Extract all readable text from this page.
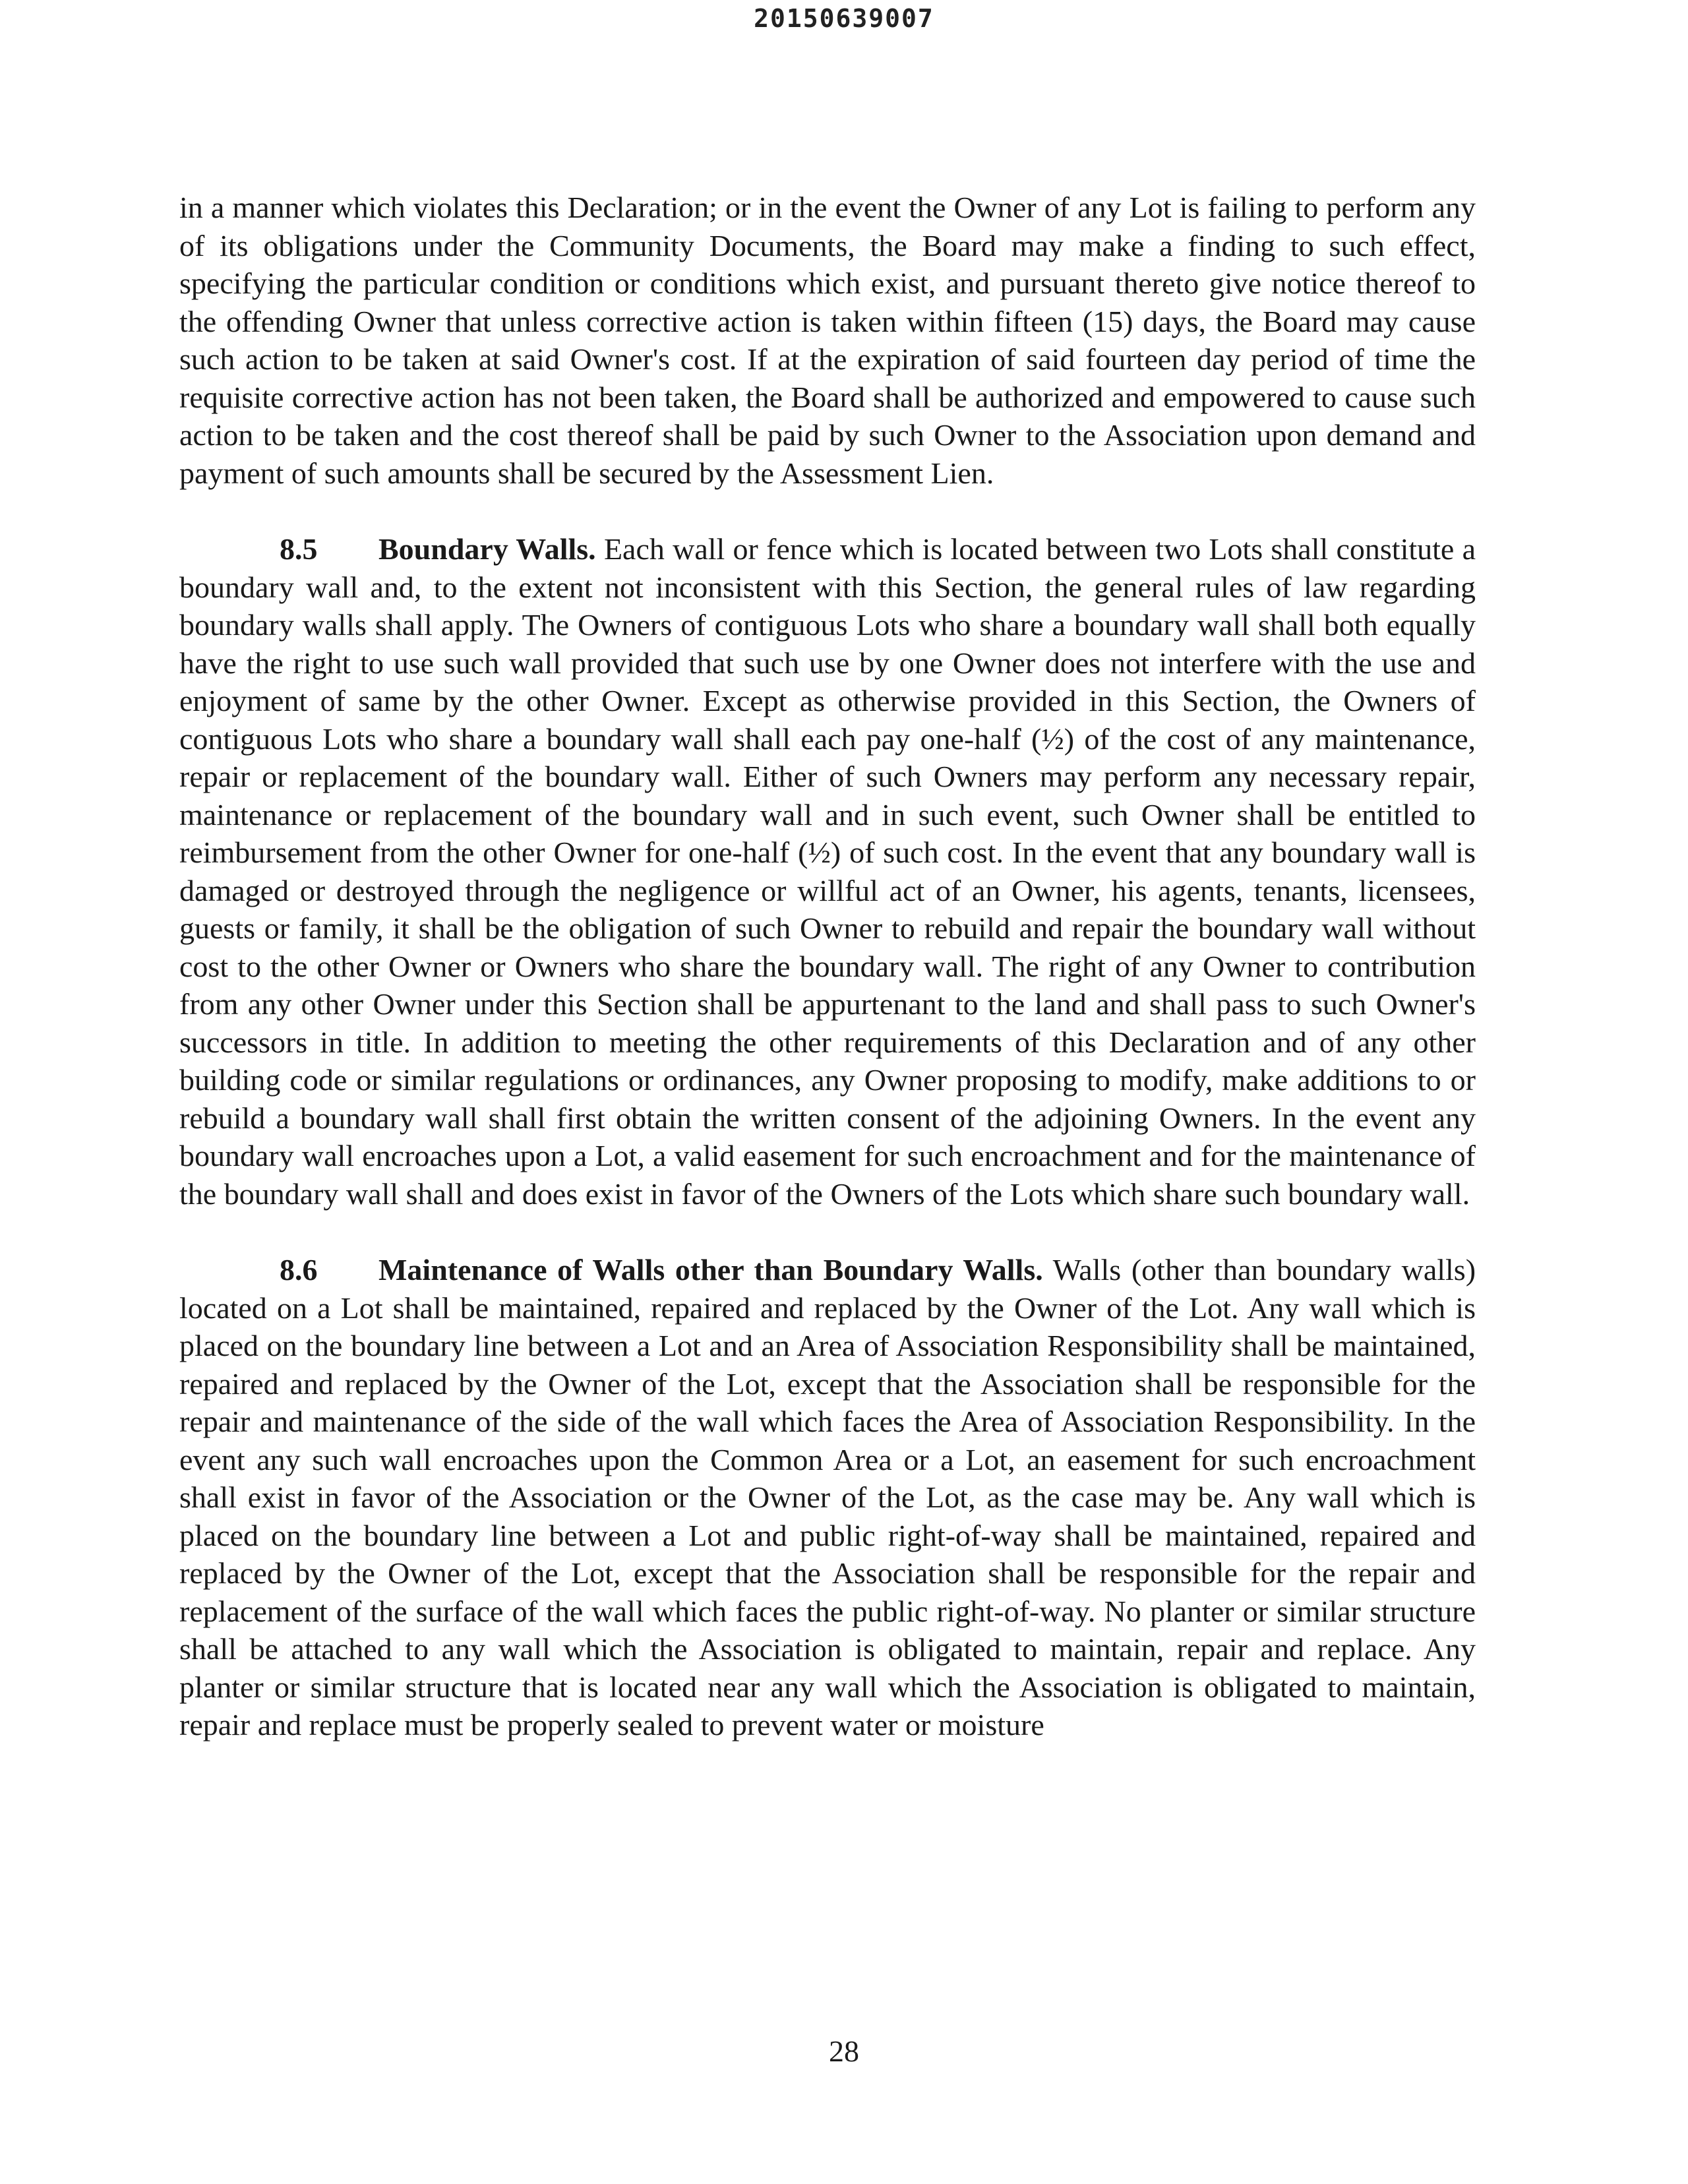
20150639007

in a manner which violates this Declaration; or in the event the Owner of any Lot is failing to perform any of its obligations under the Community Documents, the Board may make a finding to such effect, specifying the particular condition or conditions which exist, and pursuant thereto give notice thereof to the offending Owner that unless corrective action is taken within fifteen (15) days, the Board may cause such action to be taken at said Owner's cost. If at the expiration of said fourteen day period of time the requisite corrective action has not been taken, the Board shall be authorized and empowered to cause such action to be taken and the cost thereof shall be paid by such Owner to the Association upon demand and payment of such amounts shall be secured by the Assessment Lien.

8.5 Boundary Walls. Each wall or fence which is located between two Lots shall constitute a boundary wall and, to the extent not inconsistent with this Section, the general rules of law regarding boundary walls shall apply. The Owners of contiguous Lots who share a boundary wall shall both equally have the right to use such wall provided that such use by one Owner does not interfere with the use and enjoyment of same by the other Owner. Except as otherwise provided in this Section, the Owners of contiguous Lots who share a boundary wall shall each pay one-half (½) of the cost of any maintenance, repair or replacement of the boundary wall. Either of such Owners may perform any necessary repair, maintenance or replacement of the boundary wall and in such event, such Owner shall be entitled to reimbursement from the other Owner for one-half (½) of such cost. In the event that any boundary wall is damaged or destroyed through the negligence or willful act of an Owner, his agents, tenants, licensees, guests or family, it shall be the obligation of such Owner to rebuild and repair the boundary wall without cost to the other Owner or Owners who share the boundary wall. The right of any Owner to contribution from any other Owner under this Section shall be appurtenant to the land and shall pass to such Owner's successors in title. In addition to meeting the other requirements of this Declaration and of any other building code or similar regulations or ordinances, any Owner proposing to modify, make additions to or rebuild a boundary wall shall first obtain the written consent of the adjoining Owners. In the event any boundary wall encroaches upon a Lot, a valid easement for such encroachment and for the maintenance of the boundary wall shall and does exist in favor of the Owners of the Lots which share such boundary wall.

8.6 Maintenance of Walls other than Boundary Walls. Walls (other than boundary walls) located on a Lot shall be maintained, repaired and replaced by the Owner of the Lot. Any wall which is placed on the boundary line between a Lot and an Area of Association Responsibility shall be maintained, repaired and replaced by the Owner of the Lot, except that the Association shall be responsible for the repair and maintenance of the side of the wall which faces the Area of Association Responsibility. In the event any such wall encroaches upon the Common Area or a Lot, an easement for such encroachment shall exist in favor of the Association or the Owner of the Lot, as the case may be. Any wall which is placed on the boundary line between a Lot and public right-of-way shall be maintained, repaired and replaced by the Owner of the Lot, except that the Association shall be responsible for the repair and replacement of the surface of the wall which faces the public right-of-way. No planter or similar structure shall be attached to any wall which the Association is obligated to maintain, repair and replace. Any planter or similar structure that is located near any wall which the Association is obligated to maintain, repair and replace must be properly sealed to prevent water or moisture

28
